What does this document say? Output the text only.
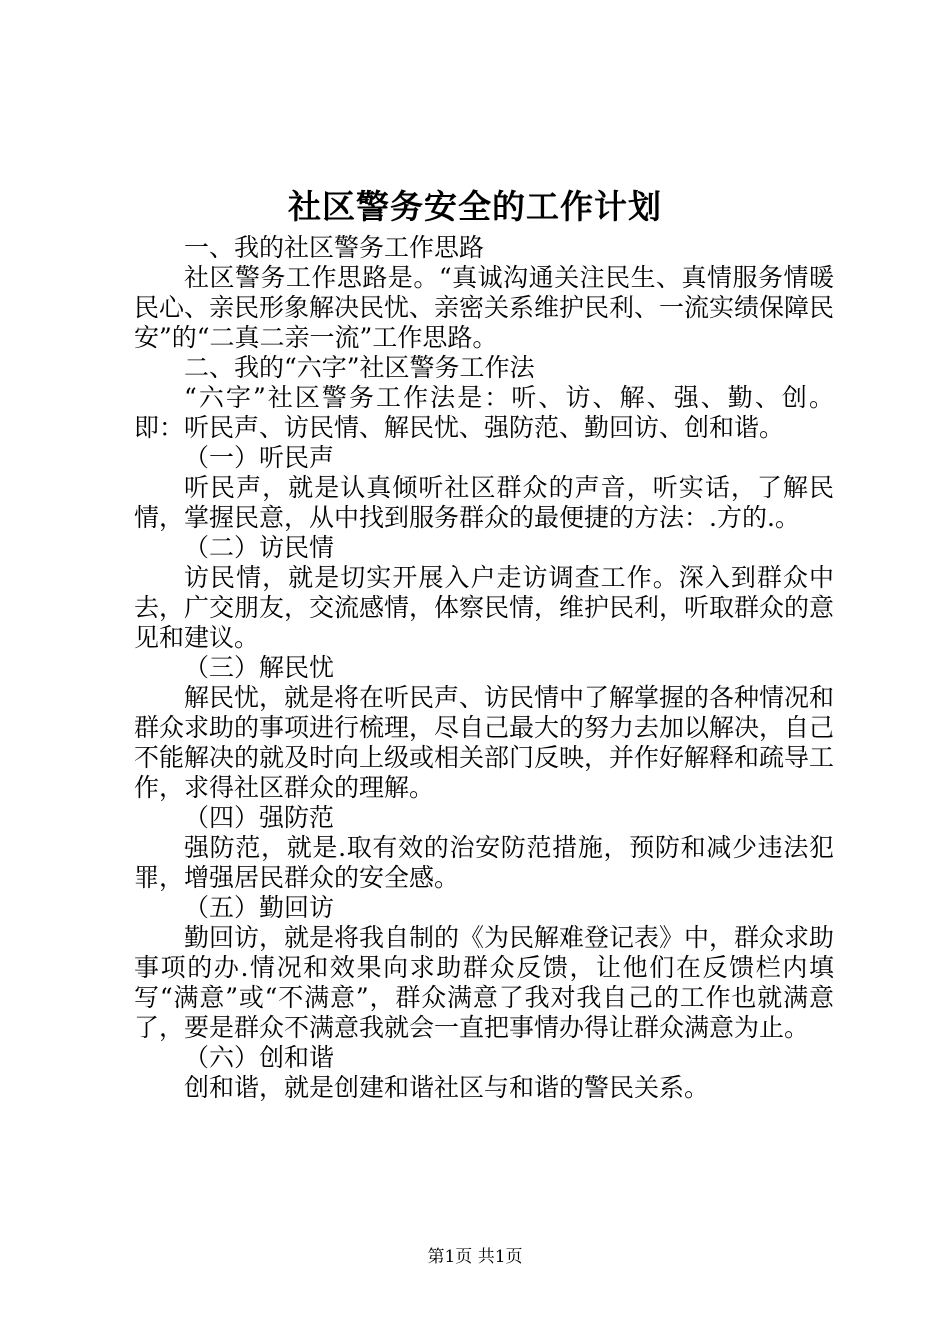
社区警务安全的工作计划

一、我的社区警务工作思路

社区警务工作思路是。“真诚沟通关注民生、真情服务情暖民心、亲民形象解决民忧、亲密关系维护民利、一流实绩保障民安”的“二真二亲一流”工作思路。

二、我的“六字”社区警务工作法

“六字”社区警务工作法是：听、访、解、强、勤、创。即：听民声、访民情、解民忧、强防范、勤回访、创和谐。

（一）听民声

听民声，就是认真倾听社区群众的声音，听实话，了解民情，掌握民意，从中找到服务群众的最便捷的方法：.方的.。

（二）访民情

访民情，就是切实开展入户走访调查工作。深入到群众中去，广交朋友，交流感情，体察民情，维护民利，听取群众的意见和建议。

（三）解民忧

解民忧，就是将在听民声、访民情中了解掌握的各种情况和群众求助的事项进行梳理，尽自己最大的努力去加以解决，自己不能解决的就及时向上级或相关部门反映，并作好解释和疏导工作，求得社区群众的理解。

（四）强防范

强防范，就是.取有效的治安防范措施，预防和减少违法犯罪，增强居民群众的安全感。

（五）勤回访

勤回访，就是将我自制的《为民解难登记表》中，群众求助事项的办.情况和效果向求助群众反馈，让他们在反馈栏内填写“满意”或“不满意”，群众满意了我对我自己的工作也就满意了，要是群众不满意我就会一直把事情办得让群众满意为止。

（六）创和谐

创和谐，就是创建和谐社区与和谐的警民关系。

第1页 共1页
